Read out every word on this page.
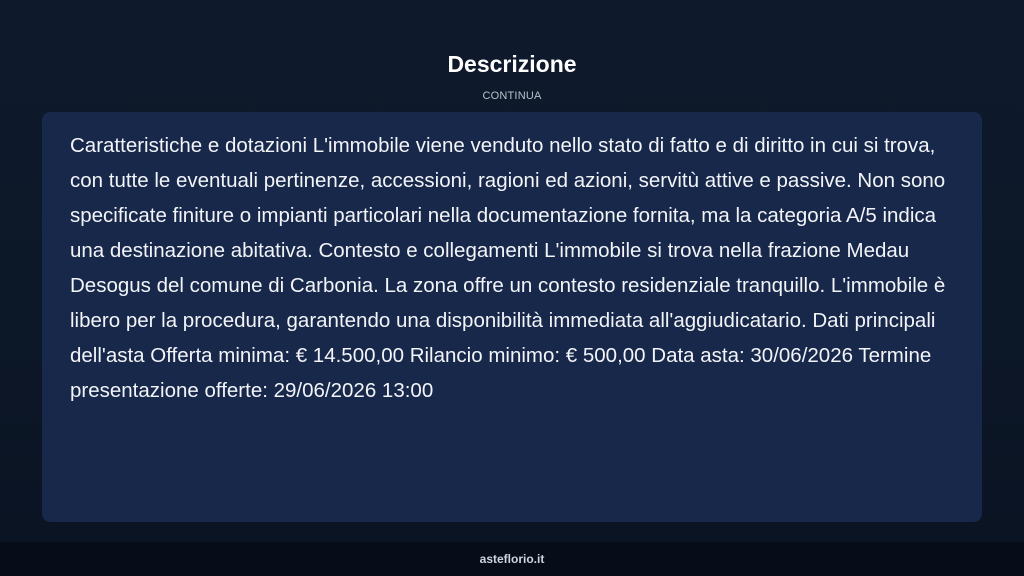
Descrizione
CONTINUA

Caratteristiche e dotazioni L'immobile viene venduto nello stato di fatto e di diritto in cui si trova, con tutte le eventuali pertinenze, accessioni, ragioni ed azioni, servitù attive e passive. Non sono specificate finiture o impianti particolari nella documentazione fornita, ma la categoria A/5 indica una destinazione abitativa. Contesto e collegamenti L'immobile si trova nella frazione Medau Desogus del comune di Carbonia. La zona offre un contesto residenziale tranquillo. L'immobile è libero per la procedura, garantendo una disponibilità immediata all'aggiudicatario. Dati principali dell'asta Offerta minima: € 14.500,00 Rilancio minimo: € 500,00 Data asta: 30/06/2026 Termine presentazione offerte: 29/06/2026 13:00

asteflorio.it
